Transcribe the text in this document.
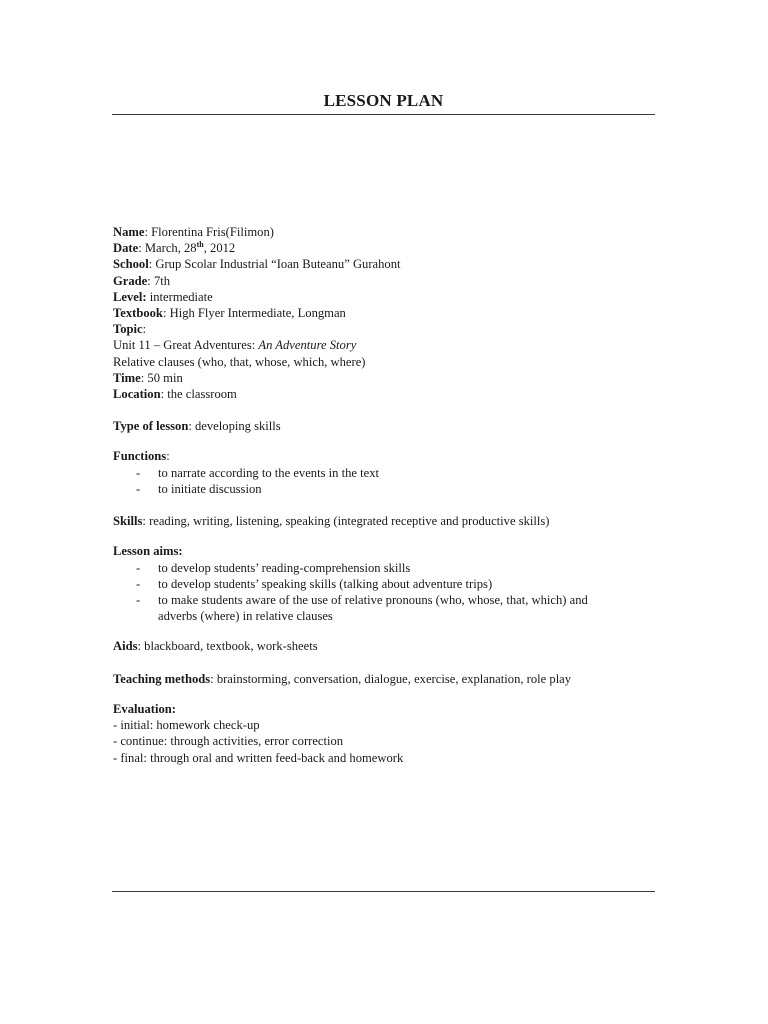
LESSON PLAN
Name: Florentina Fris(Filimon)
Date: March, 28th, 2012
School: Grup Scolar Industrial “Ioan Buteanu” Gurahont
Grade: 7th
Level: intermediate
Textbook: High Flyer Intermediate, Longman
Topic:
Unit 11 – Great Adventures: An Adventure Story
Relative clauses (who, that, whose, which, where)
Time: 50 min
Location: the classroom
Type of lesson: developing skills
Functions:
- to narrate according to the events in the text
- to initiate discussion
Skills: reading, writing, listening, speaking (integrated receptive and productive skills)
Lesson aims:
- to develop students’ reading-comprehension skills
- to develop students’ speaking skills (talking about adventure trips)
- to make students aware of the use of relative pronouns (who, whose, that, which) and
adverbs (where) in relative clauses
Aids: blackboard, textbook, work-sheets
Teaching methods: brainstorming, conversation, dialogue, exercise, explanation, role play
Evaluation:
- initial: homework check-up
- continue: through activities, error correction
- final: through oral and written feed-back and homework
